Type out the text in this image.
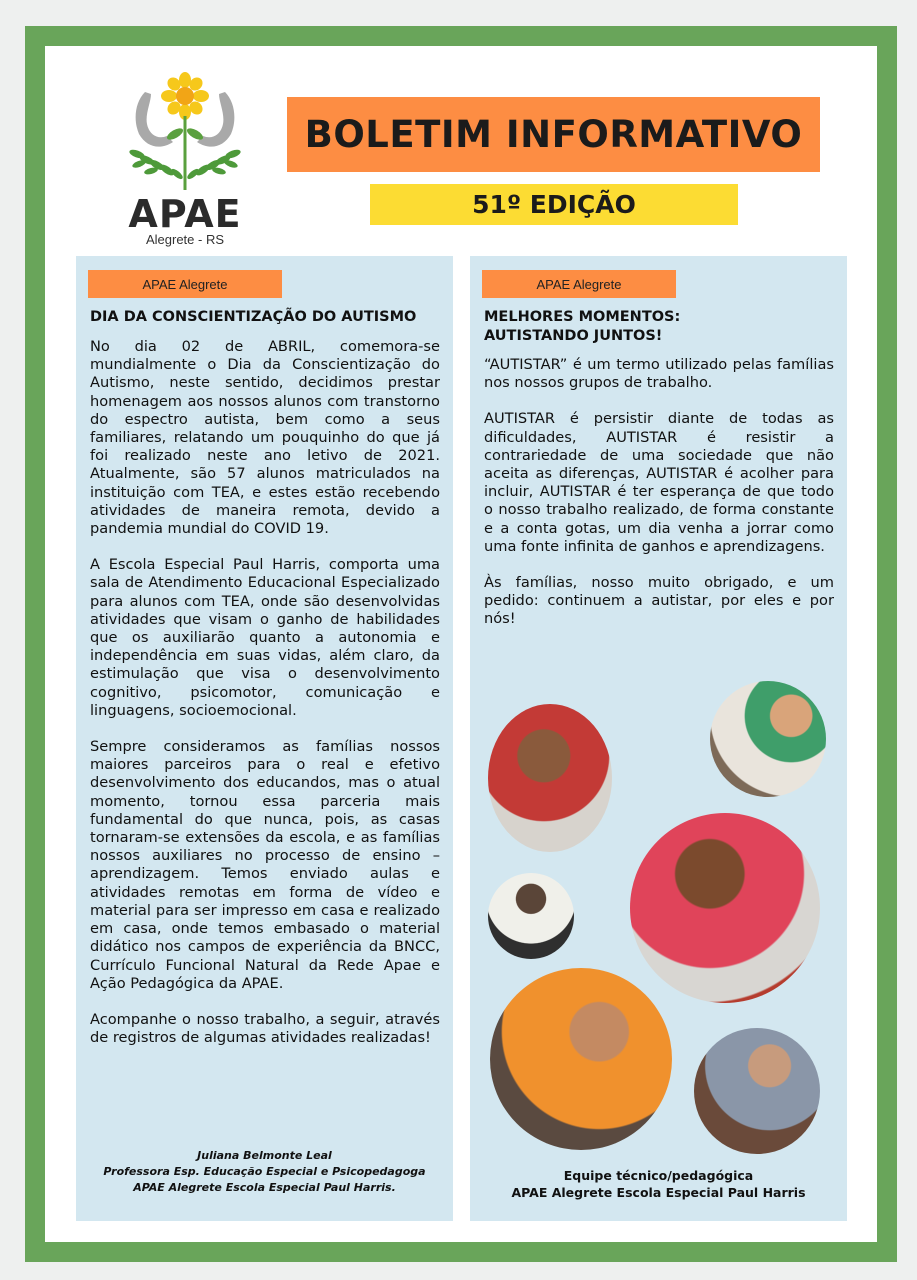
APAE
Alegrete - RS
BOLETIM INFORMATIVO
51º EDIÇÃO
APAE Alegrete
DIA DA CONSCIENTIZAÇÃO DO AUTISMO

No dia 02 de ABRIL, comemora-se mundialmente o Dia da Conscientização do Autismo, neste sentido, decidimos prestar homenagem aos nossos alunos com transtorno do espectro autista, bem como a seus familiares, relatando um pouquinho do que já foi realizado neste ano letivo de 2021. Atualmente, são 57 alunos matriculados na instituição com TEA, e estes estão recebendo atividades de maneira remota, devido a pandemia mundial do COVID 19.

A Escola Especial Paul Harris, comporta uma sala de Atendimento Educacional Especializado para alunos com TEA, onde são desenvolvidas atividades que visam o ganho de habilidades que os auxiliarão quanto a autonomia e independência em suas vidas, além claro, da estimulação que visa o desenvolvimento cognitivo, psicomotor, comunicação e linguagens, socioemocional.

Sempre consideramos as famílias nossos maiores parceiros para o real e efetivo desenvolvimento dos educandos, mas o atual momento, tornou essa parceria mais fundamental do que nunca, pois, as casas tornaram-se extensões da escola, e as famílias nossos auxiliares no processo de ensino – aprendizagem. Temos enviado aulas e atividades remotas em forma de vídeo e material para ser impresso em casa e realizado em casa, onde temos embasado o material didático nos campos de experiência da BNCC, Currículo Funcional Natural da Rede Apae e Ação Pedagógica da APAE.

Acompanhe o nosso trabalho, a seguir, através de registros de algumas atividades realizadas!

Juliana Belmonte Leal
Professora Esp. Educação Especial e Psicopedagoga
APAE Alegrete Escola Especial Paul Harris.
APAE Alegrete
MELHORES MOMENTOS:
AUTISTANDO JUNTOS!

“AUTISTAR” é um termo utilizado pelas famílias nos nossos grupos de trabalho.

AUTISTAR é persistir diante de todas as dificuldades, AUTISTAR é resistir a contrariedade de uma sociedade que não aceita as diferenças, AUTISTAR é acolher para incluir, AUTISTAR é ter esperança de que todo o nosso trabalho realizado, de forma constante e a conta gotas, um dia venha a jorrar como uma fonte infinita de ganhos e aprendizagens.

Às famílias, nosso muito obrigado, e um pedido: continuem a autistar, por eles e por nós!

Equipe técnico/pedagógica
APAE Alegrete Escola Especial Paul Harris
